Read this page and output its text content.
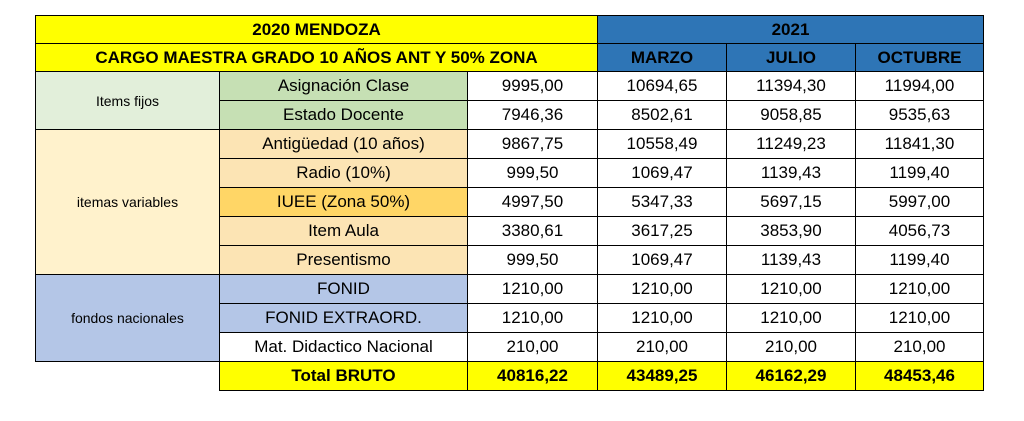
2020 MENDOZA			2021		
CARGO MAESTRA GRADO 10 AÑOS ANT Y 50% ZONA			MARZO	JULIO	OCTUBRE
Items fijos	Asignación Clase	9995,00	10694,65	11394,30	11994,00
	Estado Docente	7946,36	8502,61	9058,85	9535,63
itemas variables	Antigüedad (10 años)	9867,75	10558,49	11249,23	11841,30
	Radio (10%)	999,50	1069,47	1139,43	1199,40
	IUEE (Zona 50%)	4997,50	5347,33	5697,15	5997,00
	Item Aula	3380,61	3617,25	3853,90	4056,73
	Presentismo	999,50	1069,47	1139,43	1199,40
fondos nacionales	FONID	1210,00	1210,00	1210,00	1210,00
	FONID EXTRAORD.	1210,00	1210,00	1210,00	1210,00
	Mat. Didactico Nacional	210,00	210,00	210,00	210,00
	Total BRUTO	40816,22	43489,25	46162,29	48453,46
